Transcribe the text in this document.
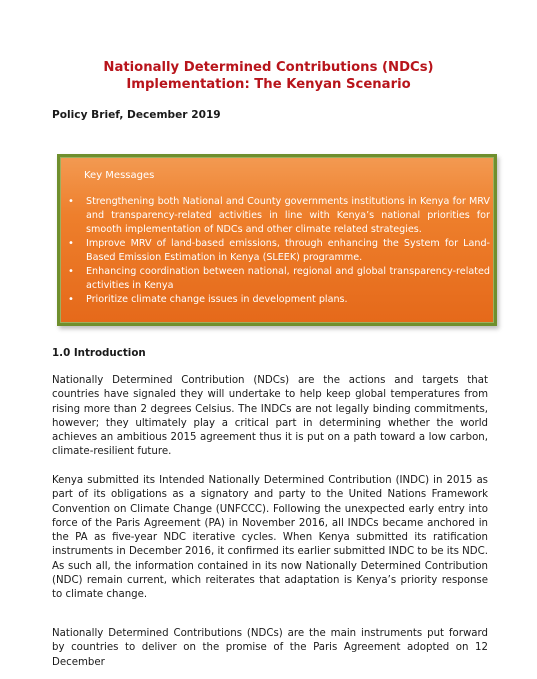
Nationally Determined Contributions (NDCs)
Implementation: The Kenyan Scenario
Policy Brief, December 2019
Key Messages
• Strengthening both National and County governments institutions in Kenya for MRV and transparency-related activities in line with Kenya’s national priorities for smooth implementation of NDCs and other climate related strategies.
• Improve MRV of land-based emissions, through enhancing the System for Land-Based Emission Estimation in Kenya (SLEEK) programme.
• Enhancing coordination between national, regional and global transparency-related activities in Kenya
• Prioritize climate change issues in development plans.
1.0 Introduction

Nationally Determined Contribution (NDCs) are the actions and targets that countries have signaled they will undertake to help keep global temperatures from rising more than 2 degrees Celsius. The INDCs are not legally binding commitments, however; they ultimately play a critical part in determining whether the world achieves an ambitious 2015 agreement thus it is put on a path toward a low carbon, climate-resilient future.

Kenya submitted its Intended Nationally Determined Contribution (INDC) in 2015 as part of its obligations as a signatory and party to the United Nations Framework Convention on Climate Change (UNFCCC). Following the unexpected early entry into force of the Paris Agreement (PA) in November 2016, all INDCs became anchored in the PA as five-year NDC iterative cycles. When Kenya submitted its ratification instruments in December 2016, it confirmed its earlier submitted INDC to be its NDC. As such all, the information contained in its now Nationally Determined Contribution (NDC) remain current, which reiterates that adaptation is Kenya’s priority response to climate change.

Nationally Determined Contributions (NDCs) are the main instruments put forward by countries to deliver on the promise of the Paris Agreement adopted on 12 December
